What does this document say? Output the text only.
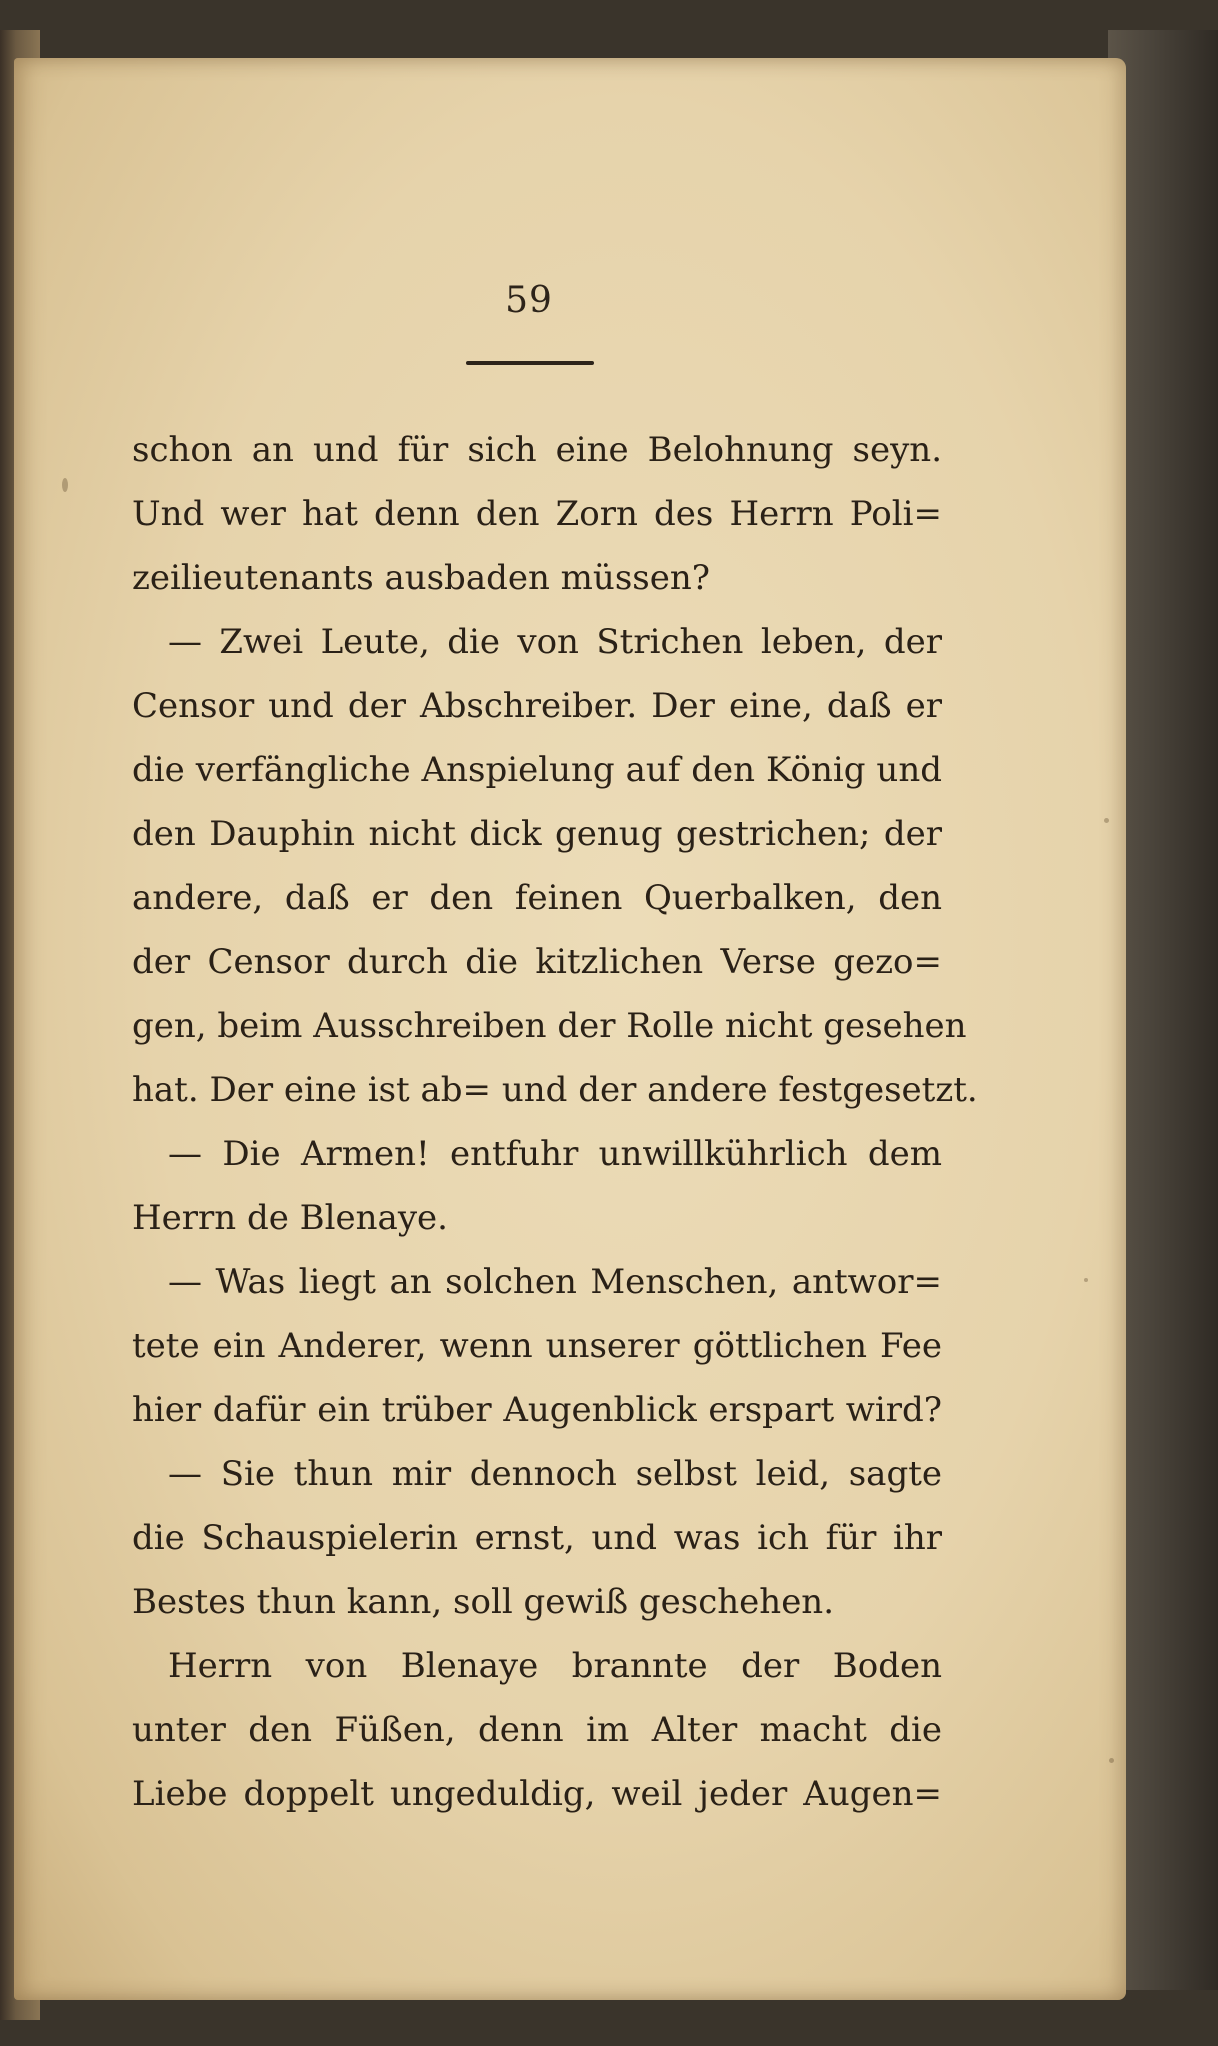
59
schon an und für sich eine Belohnung seyn.
Und wer hat denn den Zorn des Herrn Poli=
zeilieutenants ausbaden müssen?
— Zwei Leute, die von Strichen leben, der
Censor und der Abschreiber. Der eine, daß er
die verfängliche Anspielung auf den König und
den Dauphin nicht dick genug gestrichen; der
andere, daß er den feinen Querbalken, den
der Censor durch die kitzlichen Verse gezo=
gen, beim Ausschreiben der Rolle nicht gesehen
hat. Der eine ist ab= und der andere festgesetzt.
— Die Armen! entfuhr unwillkührlich dem
Herrn de Blenaye.
— Was liegt an solchen Menschen, antwor=
tete ein Anderer, wenn unserer göttlichen Fee
hier dafür ein trüber Augenblick erspart wird?
— Sie thun mir dennoch selbst leid, sagte
die Schauspielerin ernst, und was ich für ihr
Bestes thun kann, soll gewiß geschehen.
Herrn von Blenaye brannte der Boden
unter den Füßen, denn im Alter macht die
Liebe doppelt ungeduldig, weil jeder Augen=
